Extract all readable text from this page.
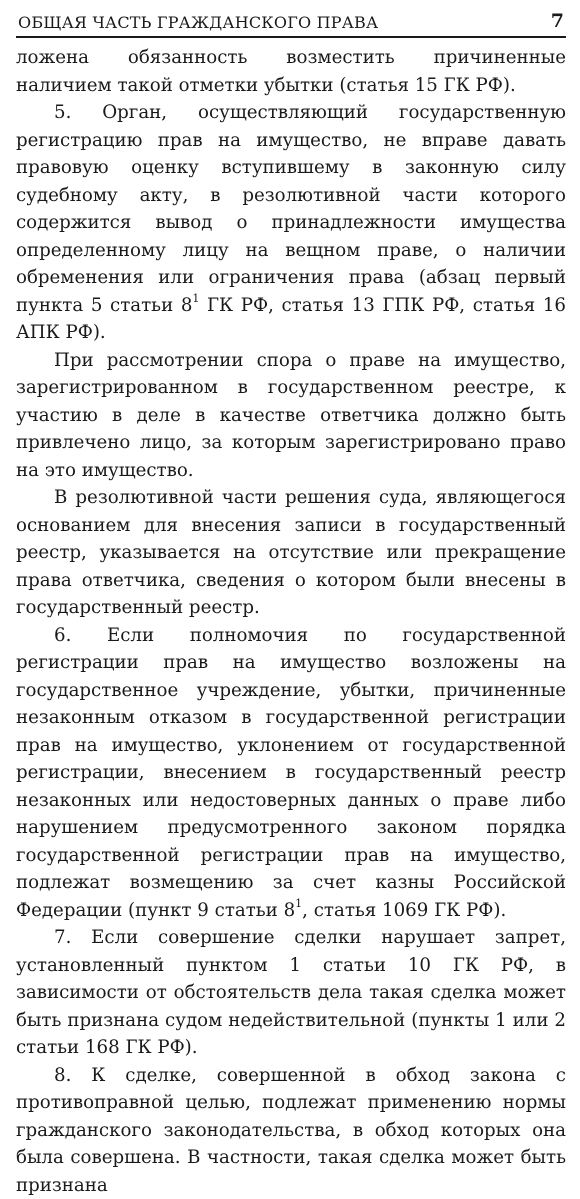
ОБЩАЯ ЧАСТЬ ГРАЖДАНСКОГО ПРАВА	7

ложена обязанность возместить причиненные наличием такой отметки убытки (статья 15 ГК РФ).

5. Орган, осуществляющий государственную регистрацию прав на имущество, не вправе давать правовую оценку вступившему в законную силу судебному акту, в резолютивной части которого содержится вывод о принадлежности имущества определенному лицу на вещном праве, о наличии обременения или ограничения права (абзац первый пункта 5 статьи $8^1$ ГК РФ, статья 13 ГПК РФ, статья 16 АПК РФ).

При рассмотрении спора о праве на имущество, зарегистрированном в государственном реестре, к участию в деле в качестве ответчика должно быть привлечено лицо, за которым зарегистрировано право на это имущество.

В резолютивной части решения суда, являющегося основанием для внесения записи в государственный реестр, указывается на отсутствие или прекращение права ответчика, сведения о котором были внесены в государственный реестр.

6. Если полномочия по государственной регистрации прав на имущество возложены на государственное учреждение, убытки, причиненные незаконным отказом в государственной регистрации прав на имущество, уклонением от государственной регистрации, внесением в государственный реестр незаконных или недостоверных данных о праве либо нарушением предусмотренного законом порядка государственной регистрации прав на имущество, подлежат возмещению за счет казны Российской Федерации (пункт 9 статьи $8^1$, статья 1069 ГК РФ).

7. Если совершение сделки нарушает запрет, установленный пунктом 1 статьи 10 ГК РФ, в зависимости от обстоятельств дела такая сделка может быть признана судом недействительной (пункты 1 или 2 статьи 168 ГК РФ).

8. К сделке, совершенной в обход закона с противоправной целью, подлежат применению нормы гражданского законодательства, в обход которых она была совершена. В частности, такая сделка может быть признана
